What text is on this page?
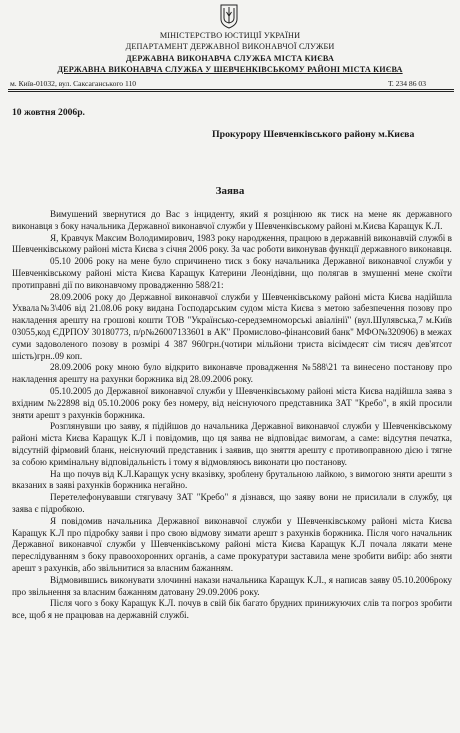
МІНІСТЕРСТВО ЮСТИЦІЇ УКРАЇНИ
ДЕПАРТАМЕНТ ДЕРЖАВНОЇ ВИКОНАВЧОЇ СЛУЖБИ
ДЕРЖАВНА ВИКОНАВЧА СЛУЖБА МІСТА КИЄВА
ДЕРЖАВНА ВИКОНАВЧА СЛУЖБА У ШЕВЧЕНКІВСЬКОМУ РАЙОНІ МІСТА КИЄВА
м. Київ-01032, вул. Саксаганського 110	Т. 234 86 03
10 жовтня 2006р.
Прокурору Шевченківського району м.Києва
Заява

Вимушений звернутися до Вас з інциденту, який я розцінюю як тиск на мене як державного виконавця з боку начальника Державної виконавчої служби у Шевченківському районі м.Києва Каращук К.Л.

Я, Кравчук Максим Володимирович, 1983 року народження, працюю в державній виконавчій службі в Шевченківському районі міста Києва з січня 2006 року. За час роботи виконував функції державного виконавця.

05.10 2006 року на мене було спричинено тиск з боку начальника Державної виконавчої служби у Шевченківському районі міста Києва Каращук Катерини Леонідівни, що полягав в змушенні мене скоїти протиправні дії по виконавчому провадженню 588/21:

28.09.2006 року до Державної виконавчої служби у Шевченківському районі міста Києва надійшла Ухвала№3\406 від 21.08.06 року видана Господарським судом міста Києва з метою забезпечення позову про накладення арешту на грошові кошти ТОВ "Українсько-середземноморські авіалінії" (вул.Шулявська,7 м.Київ 03055,код ЄДРПОУ 30180773, п/р№26007133601 в АК" Промислово-фінансовий банк" МФО№320906) в межах суми задоволеного позову в розмірі 4 387 960грн.(чотири мільйони триста вісімдесят сім тисяч дев'ятсот шість)грн..09 коп.

28.09.2006 року мною було відкрито виконавче провадження №588\21 та винесено постанову про накладення арешту на рахунки боржника від 28.09.2006 року.

05.10.2005 до Державної виконавчої служби у Шевченківському районі міста Києва надійшла заява з вхідним №22898 від 05.10.2006 року без номеру, від неіснуючого представника ЗАТ "Кребо", в якій просили зняти арешт з рахунків боржника.

Розглянувши цю заяву, я підійшов до начальника Державної виконавчої служби у Шевченківському районі міста Києва Каращук К.Л і повідомив, що ця заява не відповідає вимогам, а саме: відсутня печатка, відсутній фірмовий бланк, неіснуючий представник і заявив, що зняття арешту є противоправною дією і тягне за собою кримінальну відповідальність і тому я відмовляюсь виконати цю постанову.

На що почув від К.Л.Каращук усну вказівку, зроблену брутальною лайкою, з вимогою зняти арешти з вказаних в заяві рахунків боржника негайно.

Перетелефонувавши стягувачу ЗАТ "Кребо" я дізнався, що заяву вони не присилали в службу, ця заява є підробкою.

Я повідомив начальника Державної виконавчої служби у Шевченківському районі міста Києва Каращук К.Л про підробку заяви і про свою відмову зимати арешт з рахунків боржника. Після чого начальник Державної виконавчої служби у Шевченківському районі міста Києва Каращук К.Л почала лякати мене переслідуванням з боку правоохоронних органів, а саме прокуратури заставила мене зробити вибір: або зняти арешт з рахунків, або звільнитися за власним бажанням.

Відмовившись виконувати злочинні накази начальника Каращук К.Л., я написав заяву 05.10.2006року про звільнення за власним бажанням датовану 29.09.2006 року.

Після чого з боку Каращук К.Л. почув в свій бік багато брудних принижуючих слів та погроз зробити все, щоб я не працював на державній службі.
